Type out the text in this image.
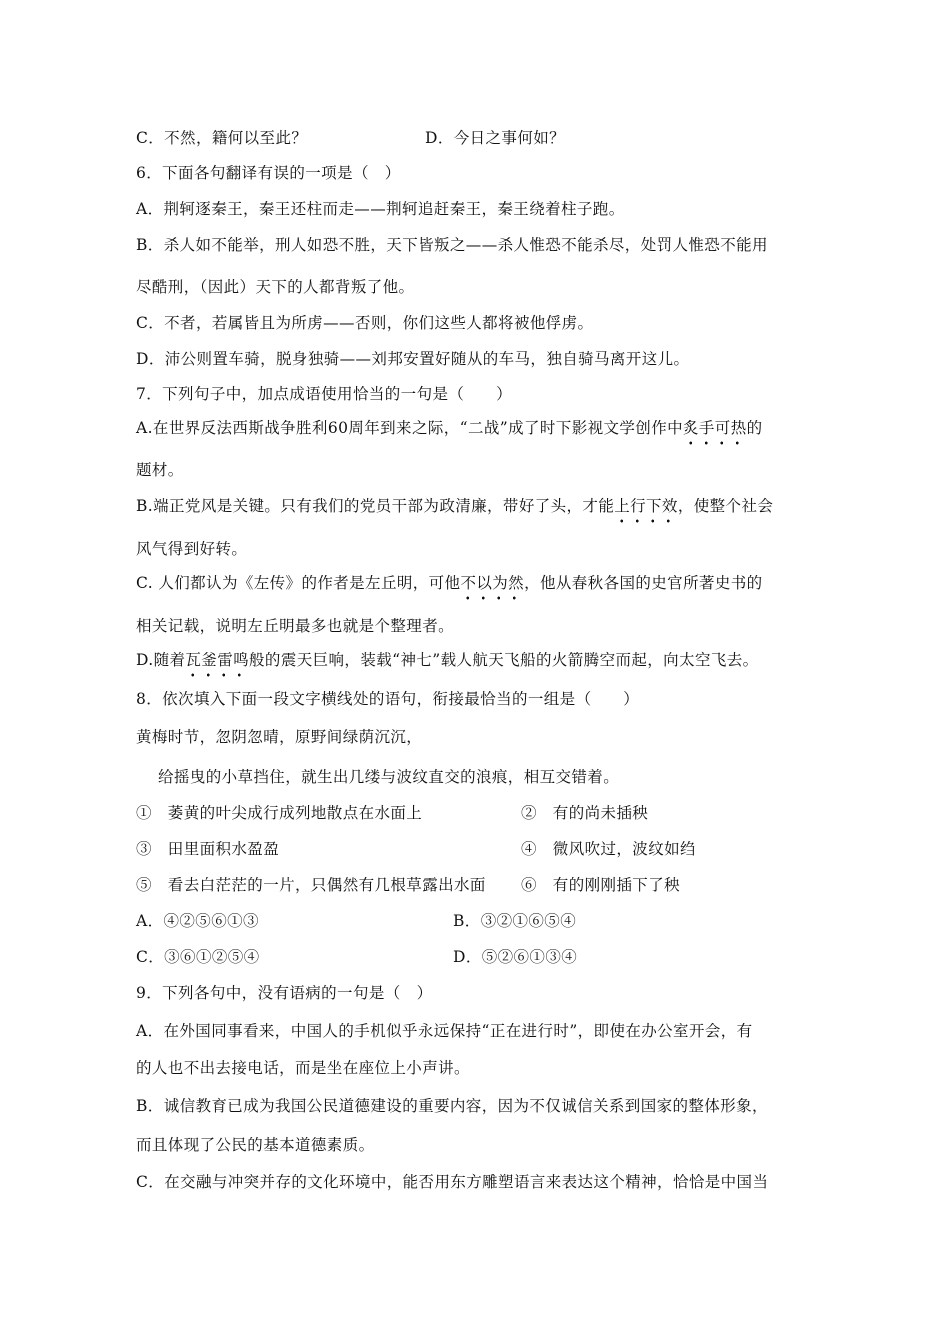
C．不然，籍何以至此？	D．今日之事何如？
6．下面各句翻译有误的一项是（　）
A．荆轲逐秦王，秦王还柱而走——荆轲追赶秦王，秦王绕着柱子跑。
B．杀人如不能举，刑人如恐不胜，天下皆叛之——杀人惟恐不能杀尽，处罚人惟恐不能用
尽酷刑，（因此）天下的人都背叛了他。
C．不者，若属皆且为所虏——否则，你们这些人都将被他俘虏。
D．沛公则置车骑，脱身独骑——刘邦安置好随从的车马，独自骑马离开这儿。
7．下列句子中，加点成语使用恰当的一句是（　　）
A.在世界反法西斯战争胜利60周年到来之际，“二战”成了时下影视文学创作中炙手可热的
题材。
B.端正党风是关键。只有我们的党员干部为政清廉，带好了头，才能上行下效，使整个社会
风气得到好转。
C. 人们都认为《左传》的作者是左丘明，可他不以为然，他从春秋各国的史官所著史书的
相关记载，说明左丘明最多也就是个整理者。
D.随着瓦釜雷鸣般的震天巨响，装载“神七”载人航天飞船的火箭腾空而起，向太空飞去。
8．依次填入下面一段文字横线处的语句，衔接最恰当的一组是（　　）
黄梅时节，忽阴忽晴，原野间绿荫沉沉，
给摇曳的小草挡住，就生出几缕与波纹直交的浪痕，相互交错着。
①　萎黄的叶尖成行成列地散点在水面上	②　有的尚未插秧
③　田里面积水盈盈	④　微风吹过，波纹如绉
⑤　看去白茫茫的一片，只偶然有几根草露出水面 ⑥　有的刚刚插下了秧
A．④②⑤⑥①③	B．③②①⑥⑤④
C．③⑥①②⑤④	D．⑤②⑥①③④
9．下列各句中，没有语病的一句是（　）
A．在外国同事看来，中国人的手机似乎永远保持“正在进行时”，即使在办公室开会，有
的人也不出去接电话，而是坐在座位上小声讲。
B．诚信教育已成为我国公民道德建设的重要内容，因为不仅诚信关系到国家的整体形象，
而且体现了公民的基本道德素质。
C．在交融与冲突并存的文化环境中，能否用东方雕塑语言来表达这个精神，恰恰是中国当
